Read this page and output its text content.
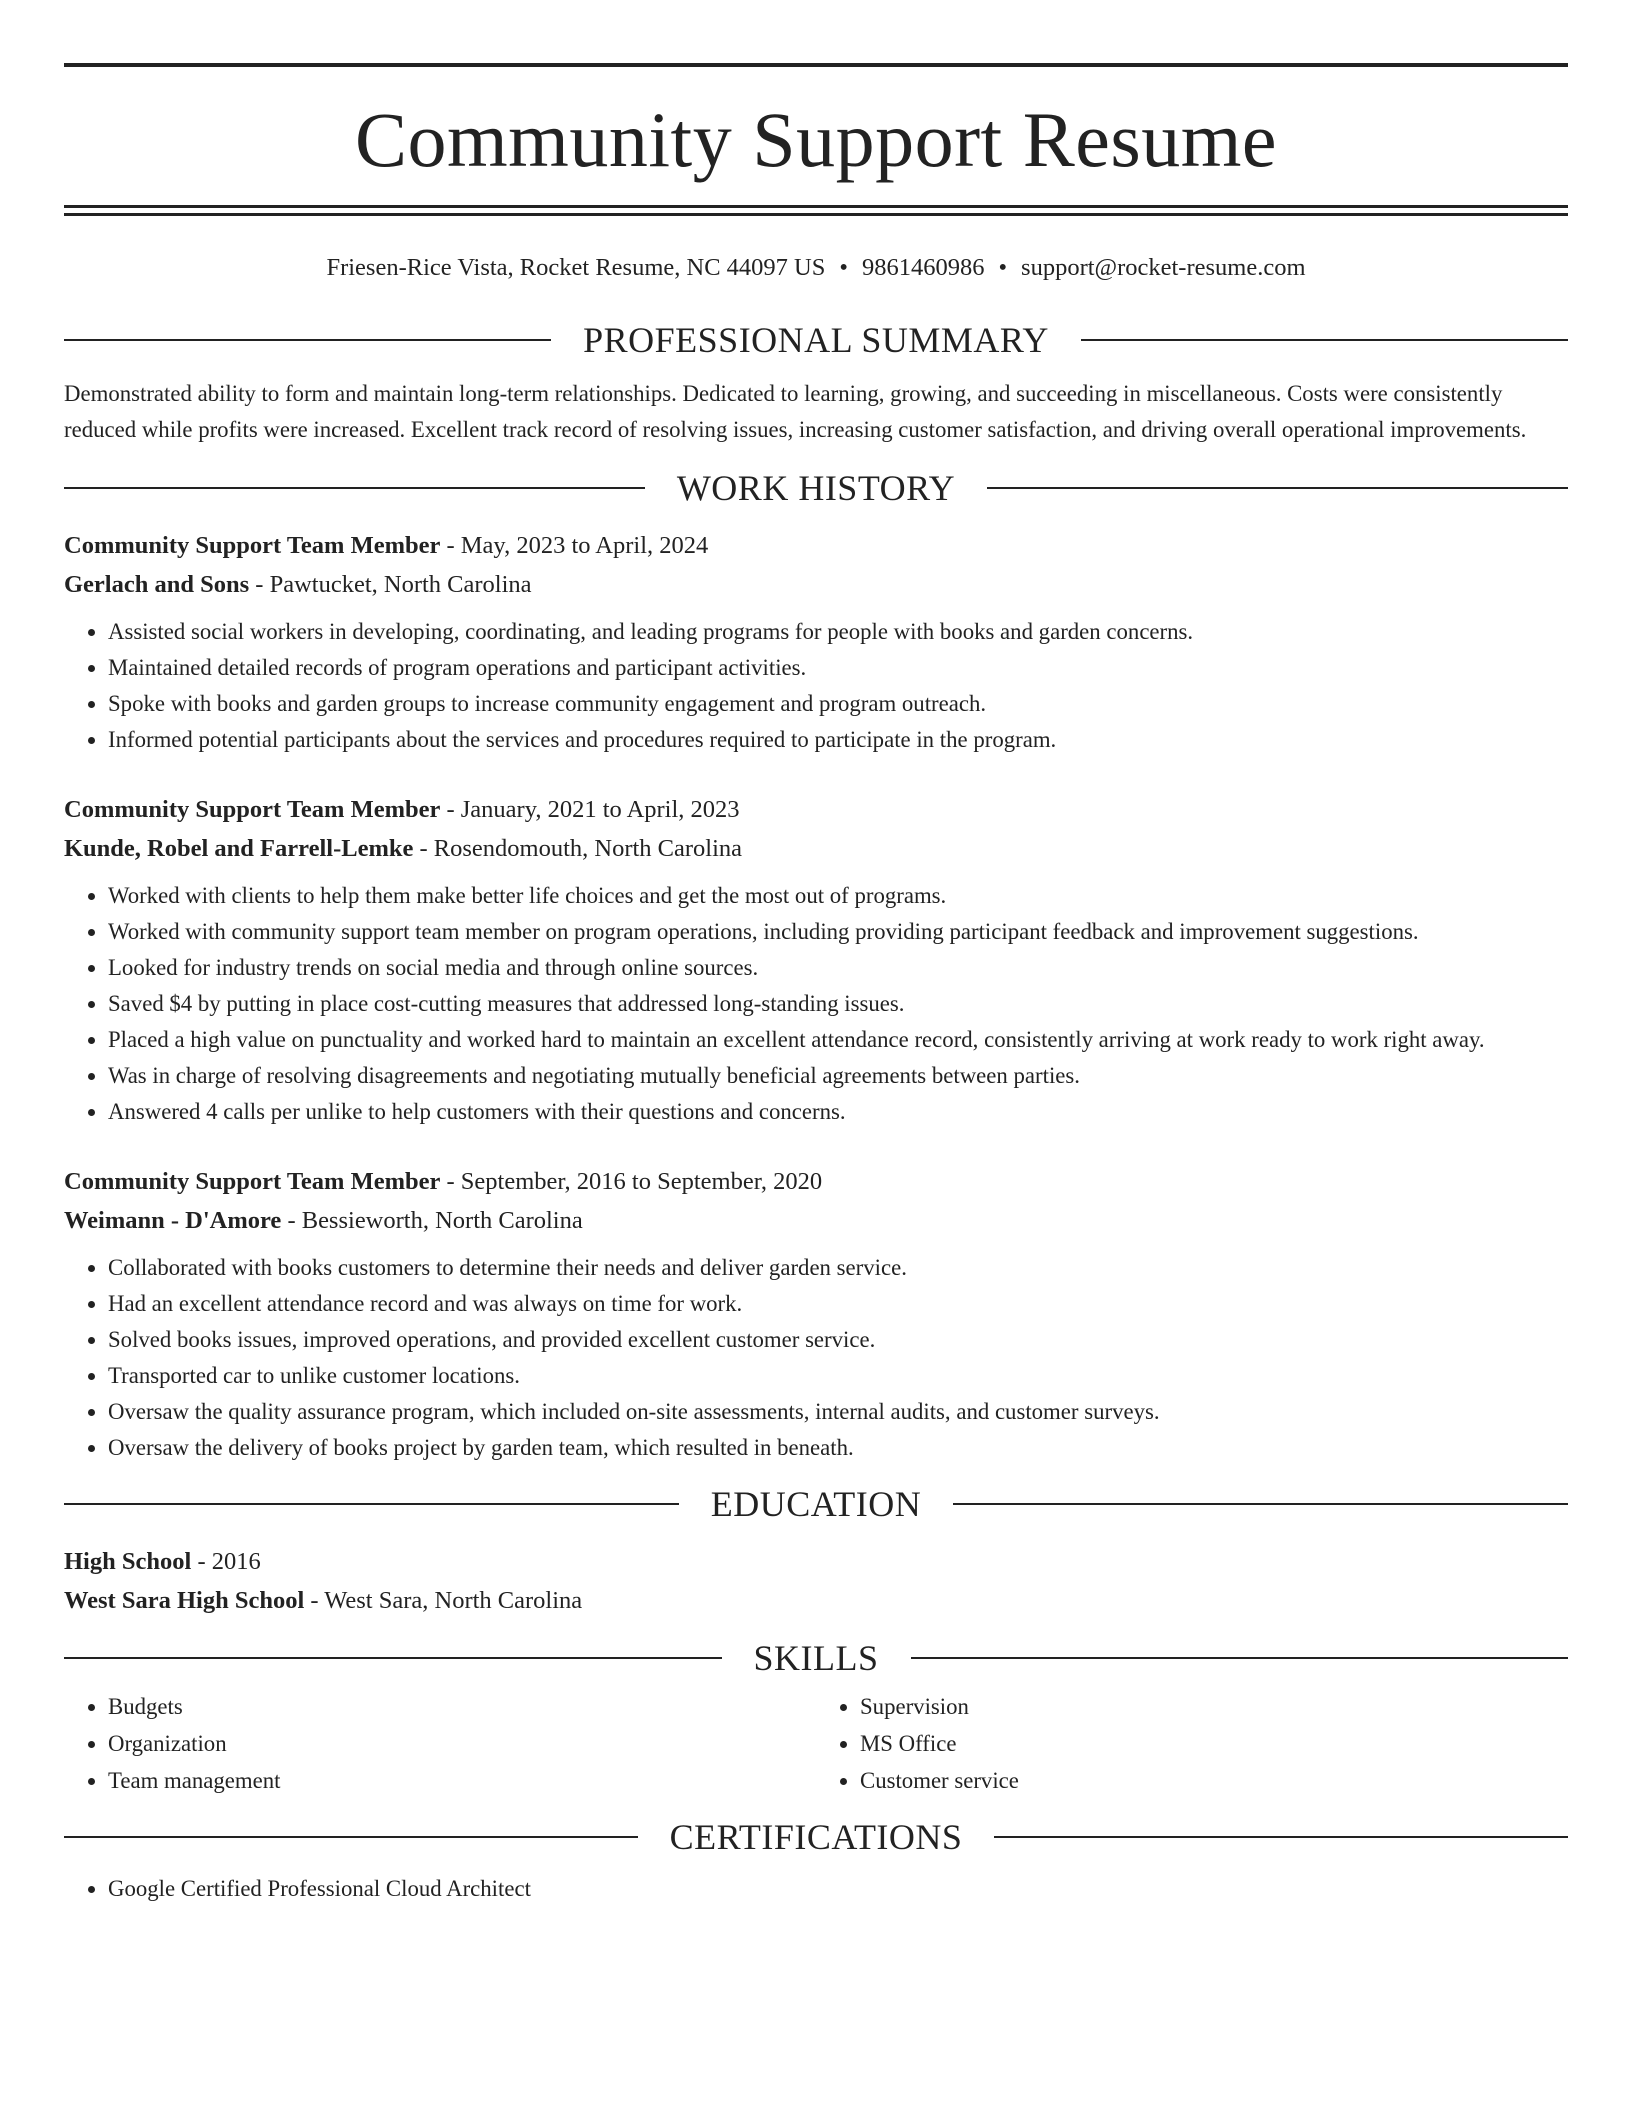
Community Support Resume
Friesen-Rice Vista, Rocket Resume, NC 44097 US • 9861460986 • support@rocket-resume.com
PROFESSIONAL SUMMARY

Demonstrated ability to form and maintain long-term relationships. Dedicated to learning, growing, and succeeding in miscellaneous. Costs were consistently reduced while profits were increased. Excellent track record of resolving issues, increasing customer satisfaction, and driving overall operational improvements.

WORK HISTORY

Community Support Team Member - May, 2023 to April, 2024

Gerlach and Sons - Pawtucket, North Carolina

• Assisted social workers in developing, coordinating, and leading programs for people with books and garden concerns.
• Maintained detailed records of program operations and participant activities.
• Spoke with books and garden groups to increase community engagement and program outreach.
• Informed potential participants about the services and procedures required to participate in the program.

Community Support Team Member - January, 2021 to April, 2023

Kunde, Robel and Farrell-Lemke - Rosendomouth, North Carolina

• Worked with clients to help them make better life choices and get the most out of programs.
• Worked with community support team member on program operations, including providing participant feedback and improvement suggestions.
• Looked for industry trends on social media and through online sources.
• Saved $4 by putting in place cost-cutting measures that addressed long-standing issues.
• Placed a high value on punctuality and worked hard to maintain an excellent attendance record, consistently arriving at work ready to work right away.
• Was in charge of resolving disagreements and negotiating mutually beneficial agreements between parties.
• Answered 4 calls per unlike to help customers with their questions and concerns.

Community Support Team Member - September, 2016 to September, 2020

Weimann - D'Amore - Bessieworth, North Carolina

• Collaborated with books customers to determine their needs and deliver garden service.
• Had an excellent attendance record and was always on time for work.
• Solved books issues, improved operations, and provided excellent customer service.
• Transported car to unlike customer locations.
• Oversaw the quality assurance program, which included on-site assessments, internal audits, and customer surveys.
• Oversaw the delivery of books project by garden team, which resulted in beneath.
EDUCATION

High School - 2016

West Sara High School - West Sara, North Carolina

SKILLS
• Budgets
• Organization
• Team management
• Supervision
• MS Office
• Customer service
CERTIFICATIONS
• Google Certified Professional Cloud Architect
